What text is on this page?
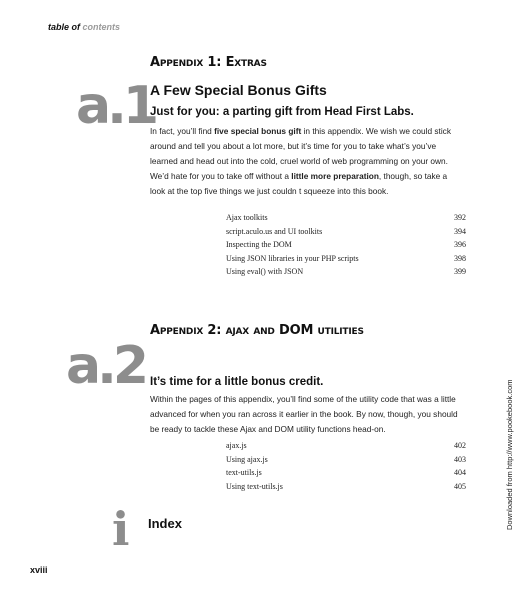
table of contents
Downloaded from http://www.pookebook.com
Appendix 1: Extras
a.1
A Few Special Bonus Gifts
Just for you: a parting gift from Head First Labs.
In fact, you’ll find five special bonus gift in this appendix. We wish we could stick around and tell you about a lot more, but it’s time for you to take what’s you’ve learned and head out into the cold, cruel world of web programming on your own. We’d hate for you to take off without a little more preparation, though, so take a look at the top five things we just couldn t squeeze into this book.
Ajax toolkits	392
script.aculo.us and UI toolkits	394
Inspecting the DOM	396
Using JSON libraries in your PHP scripts	398
Using eval() with JSON	399
Appendix 2: ajax and DOM utilities
a.2 It’s time for a little bonus credit.
Within the pages of this appendix, you’ll find some of the utility code that was a little advanced for when you ran across it earlier in the book. By now, though, you should be ready to tackle these Ajax and DOM utility functions head-on.
ajax.js	402
Using ajax.js	403
text-utils.js	404
Using text-utils.js	405
i Index
xviii
